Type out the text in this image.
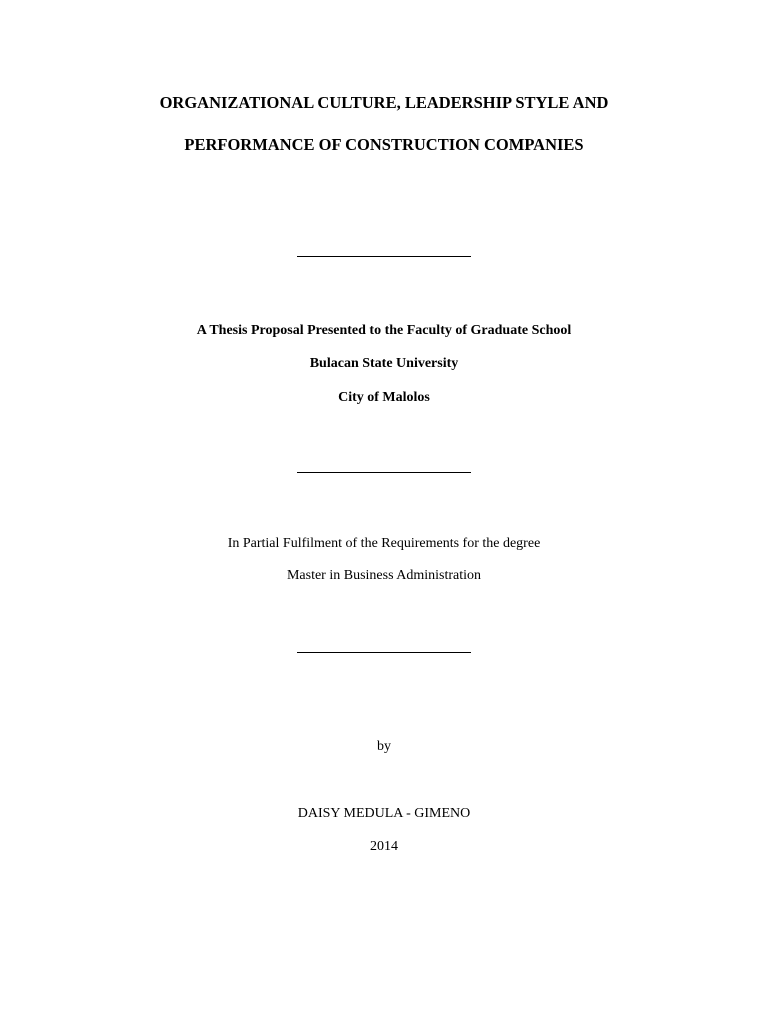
ORGANIZATIONAL CULTURE, LEADERSHIP STYLE AND
PERFORMANCE OF CONSTRUCTION COMPANIES
A Thesis Proposal Presented to the Faculty of Graduate School
Bulacan State University
City of Malolos
In Partial Fulfilment of the Requirements for the degree
Master in Business Administration
by
DAISY MEDULA - GIMENO
2014
